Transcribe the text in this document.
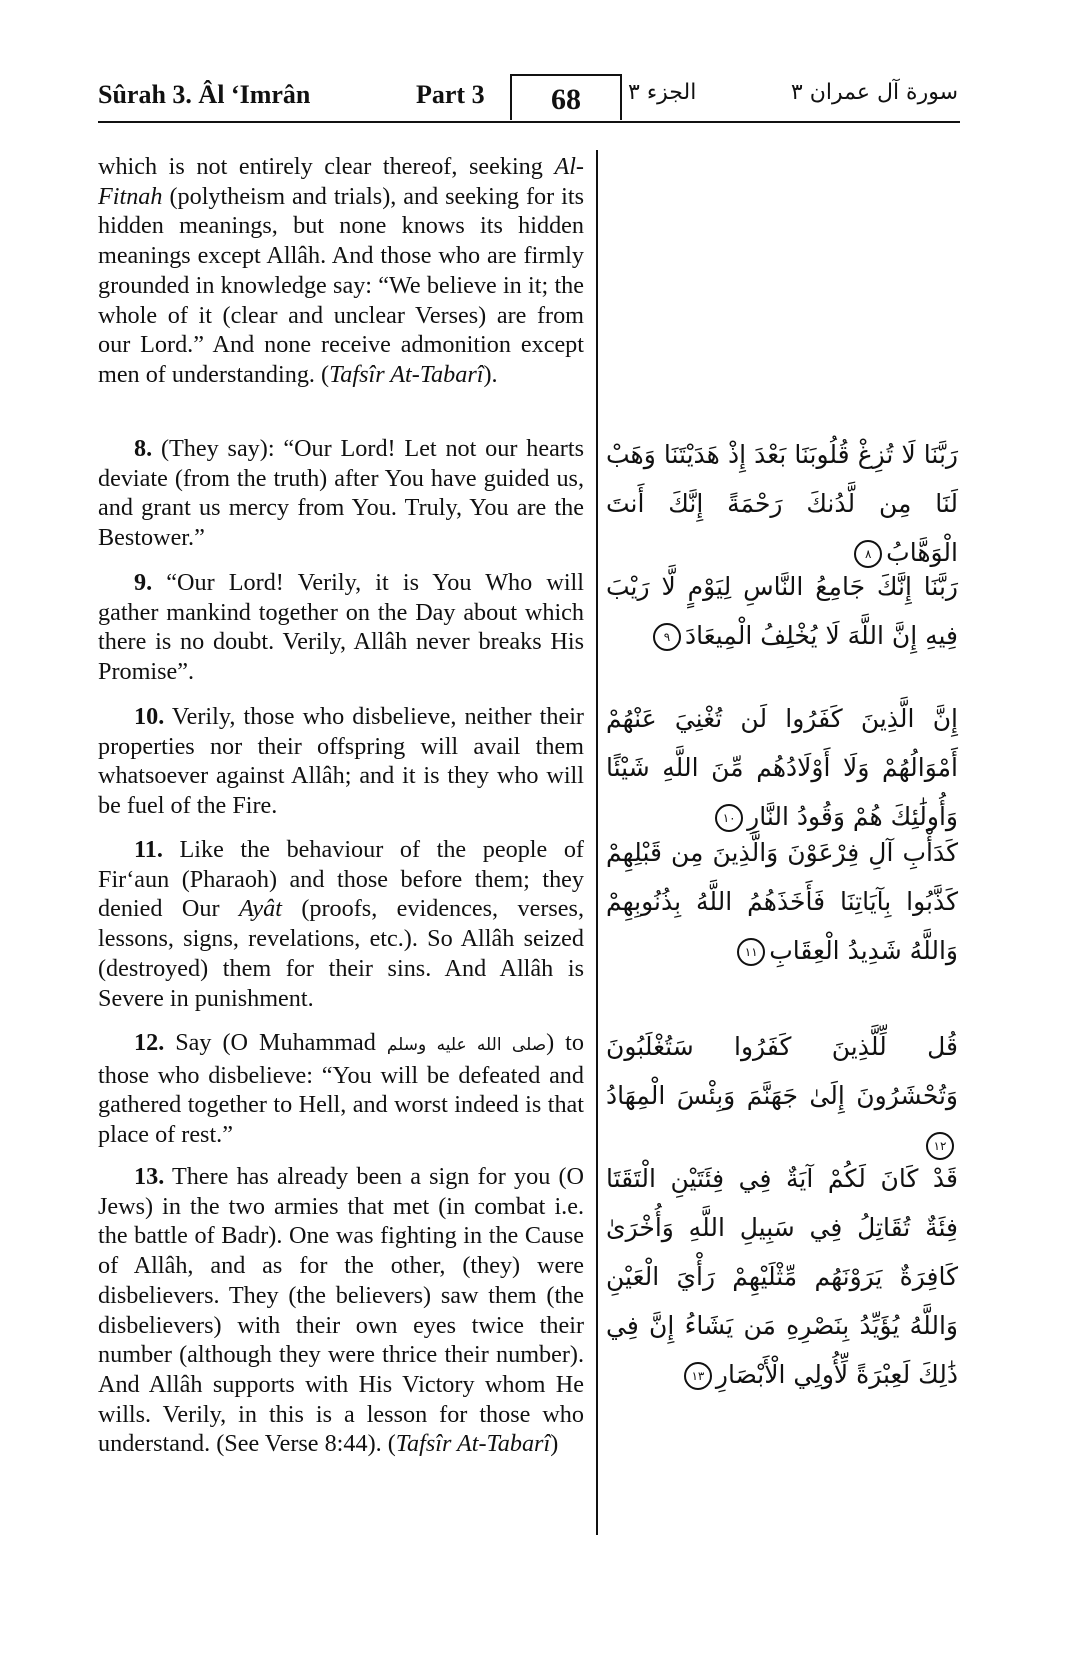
Sûrah 3. Âl ‘Imrân	Part 3	68	الجزء ٣	سورة آل عمران ٣

which is not entirely clear thereof, seeking Al-Fitnah (polytheism and trials), and seeking for its hidden meanings, but none knows its hidden meanings except Allâh. And those who are firmly grounded in knowledge say: “We believe in it; the whole of it (clear and unclear Verses) are from our Lord.” And none receive admonition except men of understanding. (Tafsîr At-Tabarî).

8. (They say): “Our Lord! Let not our hearts deviate (from the truth) after You have guided us, and grant us mercy from You. Truly, You are the Bestower.”

9. “Our Lord! Verily, it is You Who will gather mankind together on the Day about which there is no doubt. Verily, Allâh never breaks His Promise”.

10. Verily, those who disbelieve, neither their properties nor their offspring will avail them whatsoever against Allâh; and it is they who will be fuel of the Fire.

11. Like the behaviour of the people of Fir‘aun (Pharaoh) and those before them; they denied Our Ayât (proofs, evidences, verses, lessons, signs, revelations, etc.). So Allâh seized (destroyed) them for their sins. And Allâh is Severe in punishment.

12. Say (O Muhammad صلى الله عليه وسلم) to those who disbelieve: “You will be defeated and gathered together to Hell, and worst indeed is that place of rest.”

13. There has already been a sign for you (O Jews) in the two armies that met (in combat i.e. the battle of Badr). One was fighting in the Cause of Allâh, and as for the other, (they) were disbelievers. They (the believers) saw them (the disbelievers) with their own eyes twice their number (although they were thrice their number). And Allâh supports with His Victory whom He wills. Verily, in this is a lesson for those who understand. (See Verse 8:44). (Tafsîr At-Tabarî)

رَبَّنَا لَا تُزِغْ قُلُوبَنَا بَعْدَ إِذْ هَدَيْتَنَا وَهَبْ لَنَا مِن لَّدُنكَ رَحْمَةً إِنَّكَ أَنتَ الْوَهَّابُ٨

رَبَّنَا إِنَّكَ جَامِعُ النَّاسِ لِيَوْمٍ لَّا رَيْبَ فِيهِ إِنَّ اللَّهَ لَا يُخْلِفُ الْمِيعَادَ٩

إِنَّ الَّذِينَ كَفَرُوا لَن تُغْنِيَ عَنْهُمْ أَمْوَالُهُمْ وَلَا أَوْلَادُهُم مِّنَ اللَّهِ شَيْئًا وَأُولَٰئِكَ هُمْ وَقُودُ النَّارِ١٠

كَدَأْبِ آلِ فِرْعَوْنَ وَالَّذِينَ مِن قَبْلِهِمْ كَذَّبُوا بِآيَاتِنَا فَأَخَذَهُمُ اللَّهُ بِذُنُوبِهِمْ وَاللَّهُ شَدِيدُ الْعِقَابِ١١

قُل لِّلَّذِينَ كَفَرُوا سَتُغْلَبُونَ وَتُحْشَرُونَ إِلَىٰ جَهَنَّمَ وَبِئْسَ الْمِهَادُ١٢

قَدْ كَانَ لَكُمْ آيَةٌ فِي فِئَتَيْنِ الْتَقَتَا فِئَةٌ تُقَاتِلُ فِي سَبِيلِ اللَّهِ وَأُخْرَىٰ كَافِرَةٌ يَرَوْنَهُم مِّثْلَيْهِمْ رَأْيَ الْعَيْنِ وَاللَّهُ يُؤَيِّدُ بِنَصْرِهِ مَن يَشَاءُ إِنَّ فِي ذَٰلِكَ لَعِبْرَةً لِّأُولِي الْأَبْصَارِ١٣
